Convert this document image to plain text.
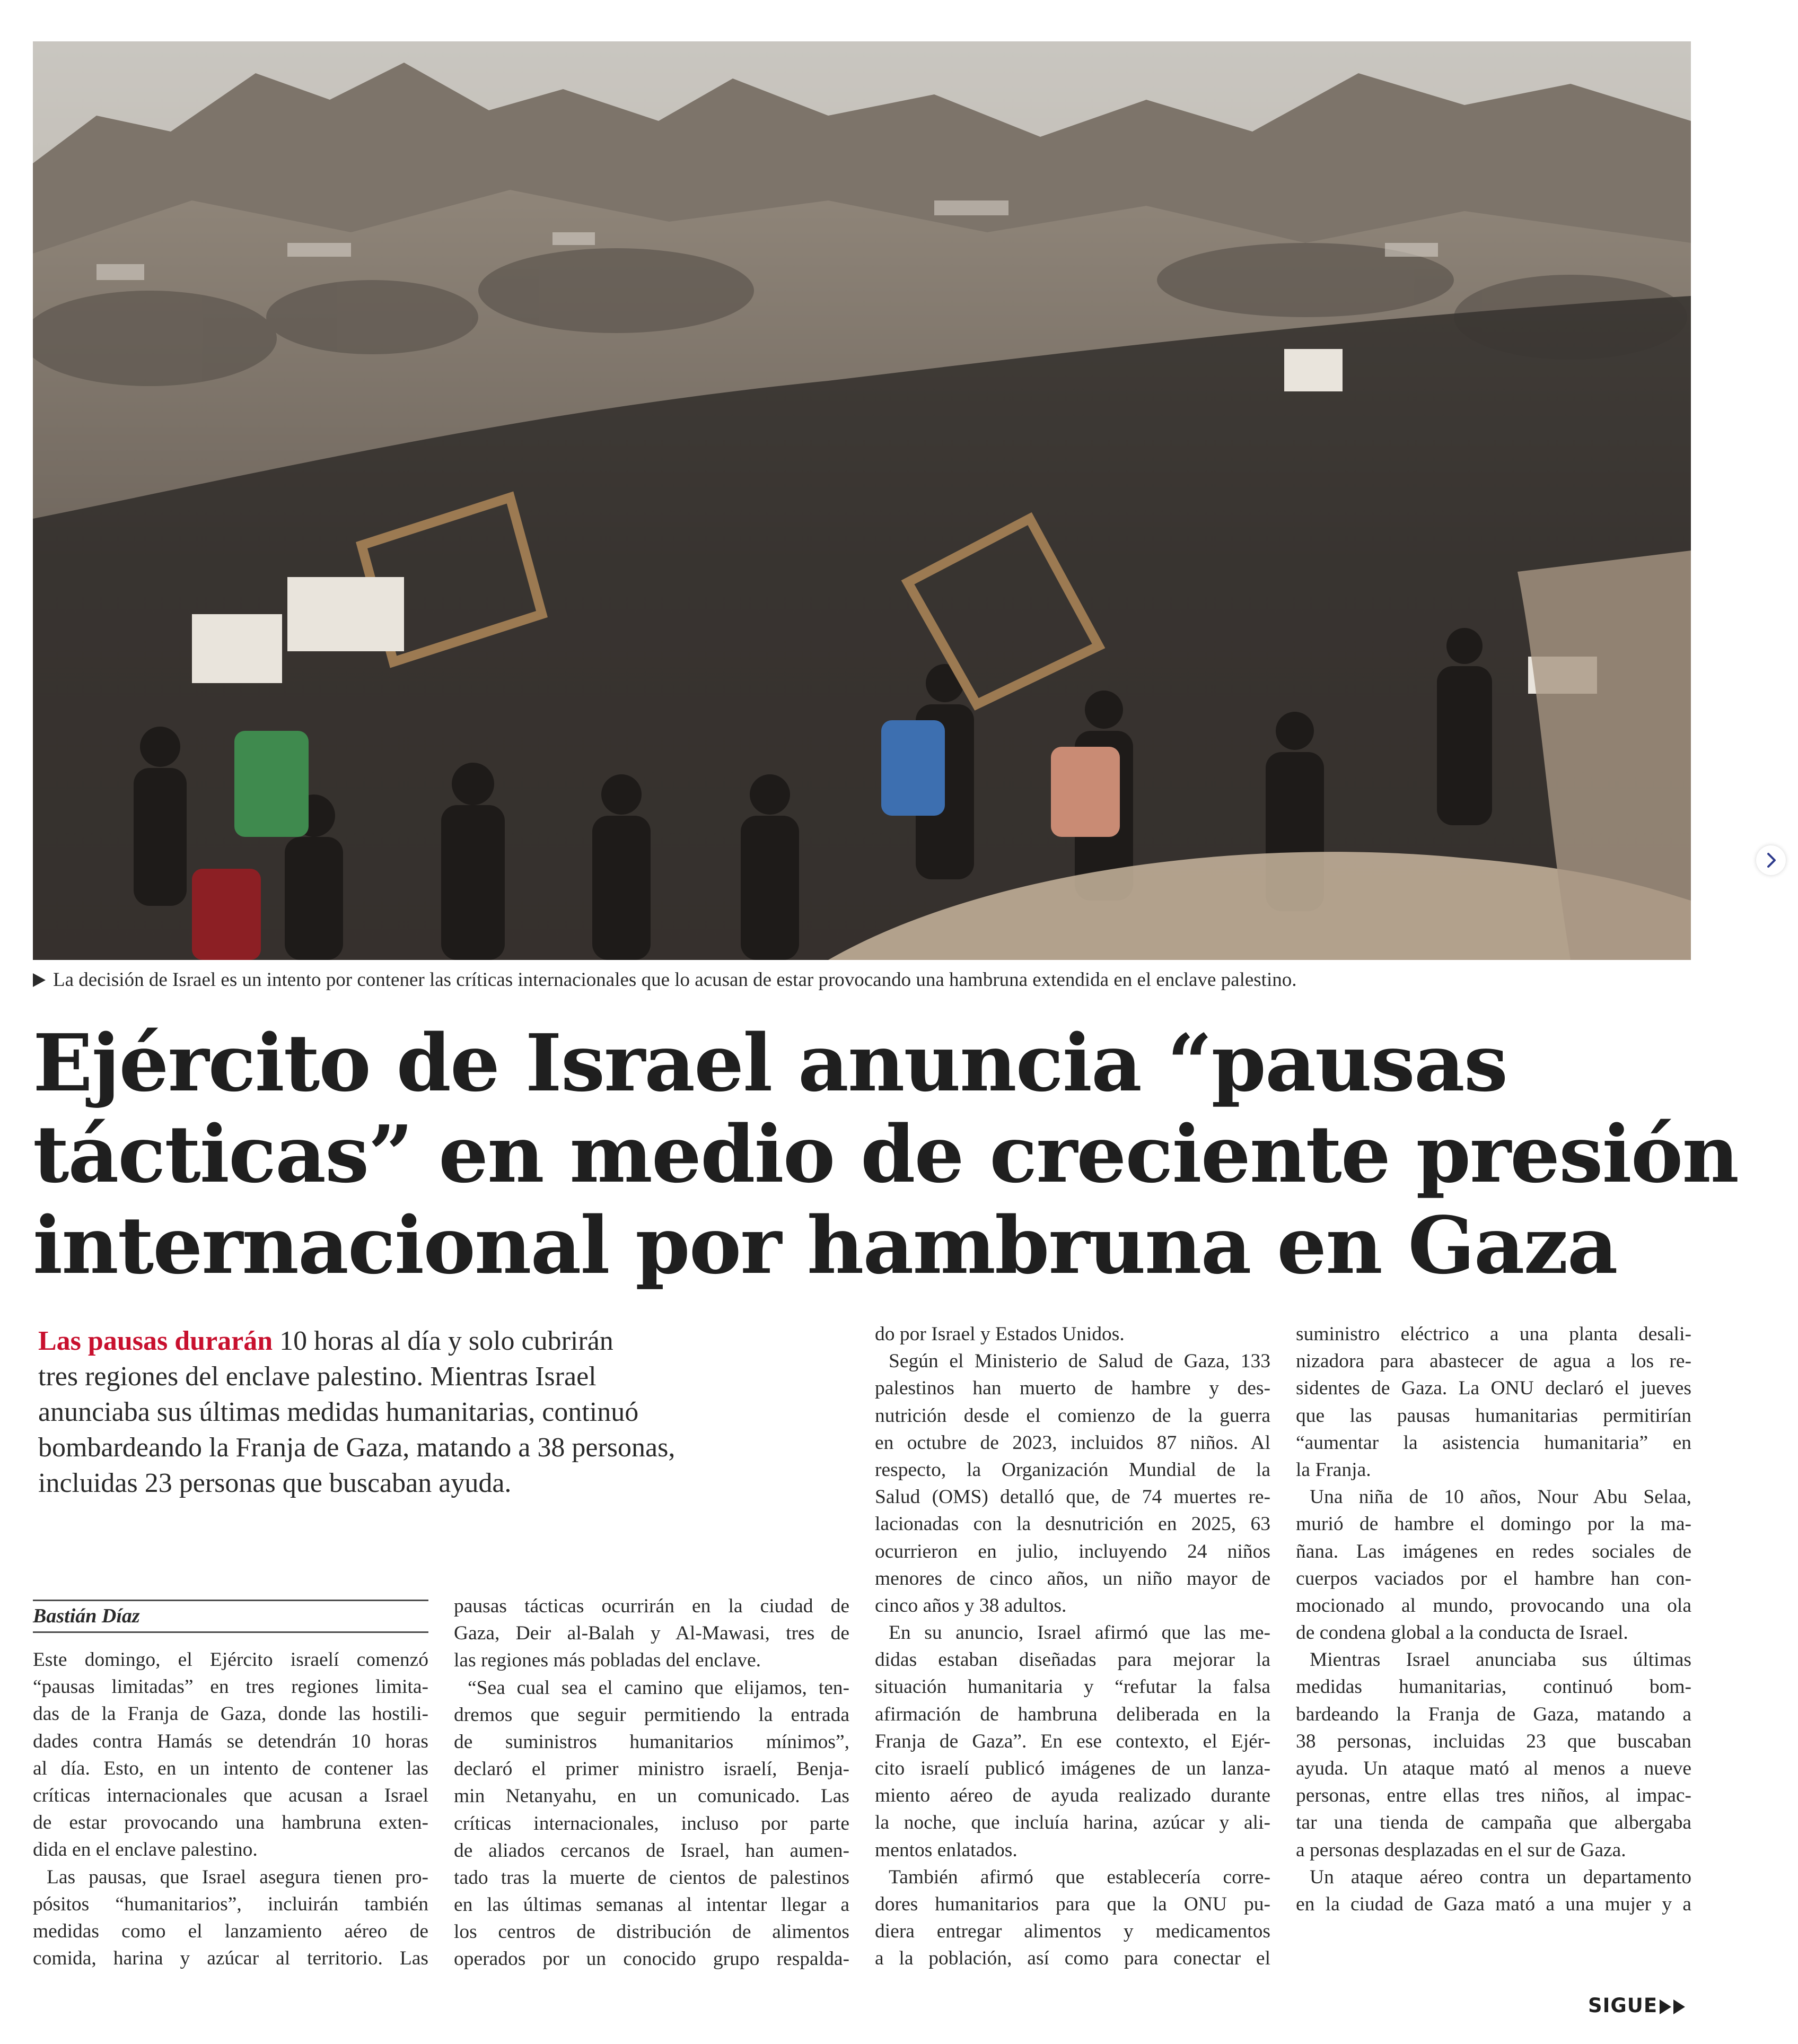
La decisión de Israel es un intento por contener las críticas internacionales que lo acusan de estar provocando una hambruna extendida en el enclave palestino.
Ejército de Israel anuncia “pausas
tácticas” en medio de creciente presión
internacional por hambruna en Gaza
Las pausas durarán 10 horas al día y solo cubrirán
tres regiones del enclave palestino. Mientras Israel
anunciaba sus últimas medidas humanitarias, continuó
bombardeando la Franja de Gaza, matando a 38 personas,
incluidas 23 personas que buscaban ayuda.
Bastián Díaz
Este domingo, el Ejército israelí comenzó
“pausas limitadas” en tres regiones limita-
das de la Franja de Gaza, donde las hostili-
dades contra Hamás se detendrán 10 horas
al día. Esto, en un intento de contener las
críticas internacionales que acusan a Israel
de estar provocando una hambruna exten-
dida en el enclave palestino.
Las pausas, que Israel asegura tienen pro-
pósitos “humanitarios”, incluirán también
medidas como el lanzamiento aéreo de
comida, harina y azúcar al territorio. Las
pausas tácticas ocurrirán en la ciudad de
Gaza, Deir al-Balah y Al-Mawasi, tres de
las regiones más pobladas del enclave.
“Sea cual sea el camino que elijamos, ten-
dremos que seguir permitiendo la entrada
de suministros humanitarios mínimos”,
declaró el primer ministro israelí, Benja-
min Netanyahu, en un comunicado. Las
críticas internacionales, incluso por parte
de aliados cercanos de Israel, han aumen-
tado tras la muerte de cientos de palestinos
en las últimas semanas al intentar llegar a
los centros de distribución de alimentos
operados por un conocido grupo respalda-
do por Israel y Estados Unidos.
Según el Ministerio de Salud de Gaza, 133
palestinos han muerto de hambre y des-
nutrición desde el comienzo de la guerra
en octubre de 2023, incluidos 87 niños. Al
respecto, la Organización Mundial de la
Salud (OMS) detalló que, de 74 muertes re-
lacionadas con la desnutrición en 2025, 63
ocurrieron en julio, incluyendo 24 niños
menores de cinco años, un niño mayor de
cinco años y 38 adultos.
En su anuncio, Israel afirmó que las me-
didas estaban diseñadas para mejorar la
situación humanitaria y “refutar la falsa
afirmación de hambruna deliberada en la
Franja de Gaza”. En ese contexto, el Ejér-
cito israelí publicó imágenes de un lanza-
miento aéreo de ayuda realizado durante
la noche, que incluía harina, azúcar y ali-
mentos enlatados.
También afirmó que establecería corre-
dores humanitarios para que la ONU pu-
diera entregar alimentos y medicamentos
a la población, así como para conectar el
suministro eléctrico a una planta desali-
nizadora para abastecer de agua a los re-
sidentes de Gaza. La ONU declaró el jueves
que las pausas humanitarias permitirían
“aumentar la asistencia humanitaria” en
la Franja.
Una niña de 10 años, Nour Abu Selaa,
murió de hambre el domingo por la ma-
ñana. Las imágenes en redes sociales de
cuerpos vaciados por el hambre han con-
mocionado al mundo, provocando una ola
de condena global a la conducta de Israel.
Mientras Israel anunciaba sus últimas
medidas humanitarias, continuó bom-
bardeando la Franja de Gaza, matando a
38 personas, incluidas 23 que buscaban
ayuda. Un ataque mató al menos a nueve
personas, entre ellas tres niños, al impac-
tar una tienda de campaña que albergaba
a personas desplazadas en el sur de Gaza.
Un ataque aéreo contra un departamento
en la ciudad de Gaza mató a una mujer y a
SIGUE
